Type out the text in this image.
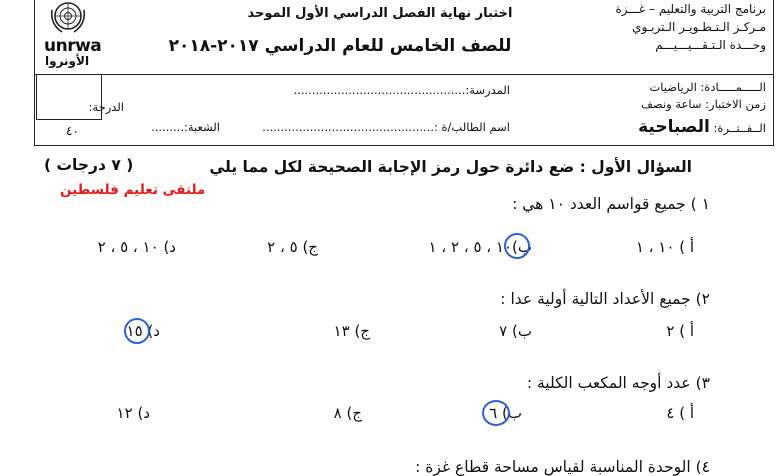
unrwa
الأونروا
برنامج التربية والتعليم – غـــزة
مـركـز الـتـطـويـر الـتربـوي
وحـــدة الـتـقـــيـــيـــم
اختبار نهاية الفصل الدراسي الأول الموحد
للصف الخامس للعام الدراسي ٢٠١٧-٢٠١٨
الـــــمـــــادة: الرياضيات
زمن الاختبار: ساعة ونصف
الــفــتــرة: الصباحية
المدرسة:...............................................
اسم الطالب/ة :...............................................
الشعبة:.........
الدرجة:
٤٠
السؤال الأول : ضع دائرة حول رمز الإجابة الصحيحة لكل مما يلي
( ٧ درجات )
ملتقى تعليم فلسطين
١ ) جميع قواسم العدد ١٠ هي :
أ ) ١٠ ، ١
ب)١٠ ، ٥ ، ٢ ، ١
ج) ٥ ، ٢
د) ١٠ ، ٥ ، ٢
٢) جميع الأعداد التالية أولية عدا :
أ ) ٢
ب) ٧
ج) ١٣
د) ١٥
٣) عدد أوجه المكعب الكلية :
أ ) ٤
ب) ٦
ج) ٨
د) ١٢
٤) الوحدة المناسبة لقياس مساحة قطاع غزة :
